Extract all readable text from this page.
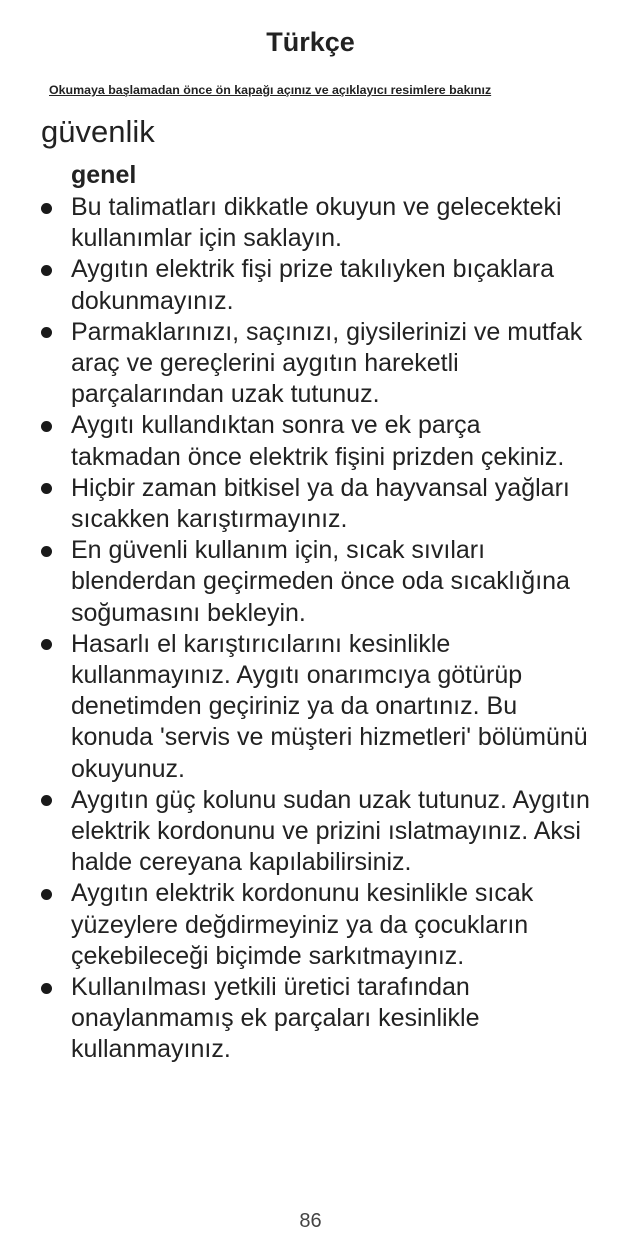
Türkçe
Okumaya başlamadan önce ön kapağı açınız ve açıklayıcı resimlere bakınız
güvenlik
genel
Bu talimatları dikkatle okuyun ve gelecekteki kullanımlar için saklayın.
Aygıtın elektrik fişi prize takılıyken bıçaklara dokunmayınız.
Parmaklarınızı, saçınızı, giysilerinizi ve mutfak araç ve gereçlerini aygıtın hareketli parçalarından uzak tutunuz.
Aygıtı kullandıktan sonra ve ek parça takmadan önce elektrik fişini prizden çekiniz.
Hiçbir zaman bitkisel ya da hayvansal yağları sıcakken karıştırmayınız.
En güvenli kullanım için, sıcak sıvıları blenderdan geçirmeden önce oda sıcaklığına soğumasını bekleyin.
Hasarlı el karıştırıcılarını kesinlikle kullanmayınız. Aygıtı onarımcıya götürüp denetimden geçiriniz ya da onartınız. Bu konuda 'servis ve müşteri hizmetleri' bölümünü okuyunuz.
Aygıtın güç kolunu sudan uzak tutunuz. Aygıtın elektrik kordonunu ve prizini ıslatmayınız. Aksi halde cereyana kapılabilirsiniz.
Aygıtın elektrik kordonunu kesinlikle sıcak yüzeylere değdirmeyiniz ya da çocukların çekebileceği biçimde sarkıtmayınız.
Kullanılması yetkili üretici tarafından onaylanmamış ek parçaları kesinlikle kullanmayınız.
86
